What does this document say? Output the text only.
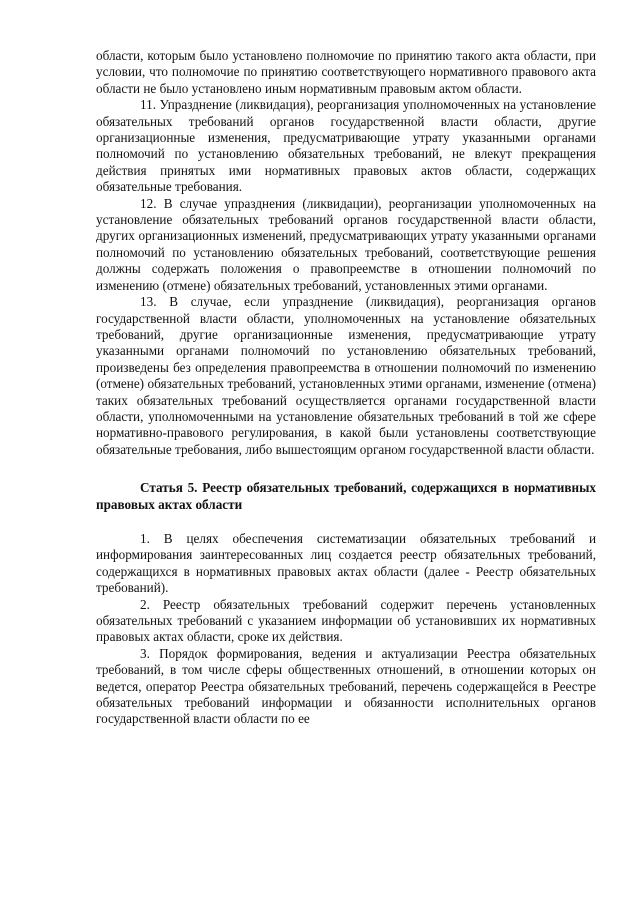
области, которым было установлено полномочие по принятию такого акта области, при условии, что полномочие по принятию соответствующего нормативного правового акта области не было установлено иным нормативным правовым актом области.

11. Упразднение (ликвидация), реорганизация уполномоченных на установление обязательных требований органов государственной власти области, другие организационные изменения, предусматривающие утрату указанными органами полномочий по установлению обязательных требований, не влекут прекращения действия принятых ими нормативных правовых актов области, содержащих обязательные требования.

12. В случае упразднения (ликвидации), реорганизации уполномоченных на установление обязательных требований органов государственной власти области, других организационных изменений, предусматривающих утрату указанными органами полномочий по установлению обязательных требований, соответствующие решения должны содержать положения о правопреемстве в отношении полномочий по изменению (отмене) обязательных требований, установленных этими органами.

13. В случае, если упразднение (ликвидация), реорганизация органов государственной власти области, уполномоченных на установление обязательных требований, другие организационные изменения, предусматривающие утрату указанными органами полномочий по установлению обязательных требований, произведены без определения правопреемства в отношении полномочий по изменению (отмене) обязательных требований, установленных этими органами, изменение (отмена) таких обязательных требований осуществляется органами государственной власти области, уполномоченными на установление обязательных требований в той же сфере нормативно-правового регулирования, в какой были установлены соответствующие обязательные требования, либо вышестоящим органом государственной власти области.

Статья 5. Реестр обязательных требований, содержащихся в нормативных правовых актах области

1. В целях обеспечения систематизации обязательных требований и информирования заинтересованных лиц создается реестр обязательных требований, содержащихся в нормативных правовых актах области (далее - Реестр обязательных требований).

2. Реестр обязательных требований содержит перечень установленных обязательных требований с указанием информации об установивших их нормативных правовых актах области, сроке их действия.

3. Порядок формирования, ведения и актуализации Реестра обязательных требований, в том числе сферы общественных отношений, в отношении которых он ведется, оператор Реестра обязательных требований, перечень содержащейся в Реестре обязательных требований информации и обязанности исполнительных органов государственной власти области по ее
